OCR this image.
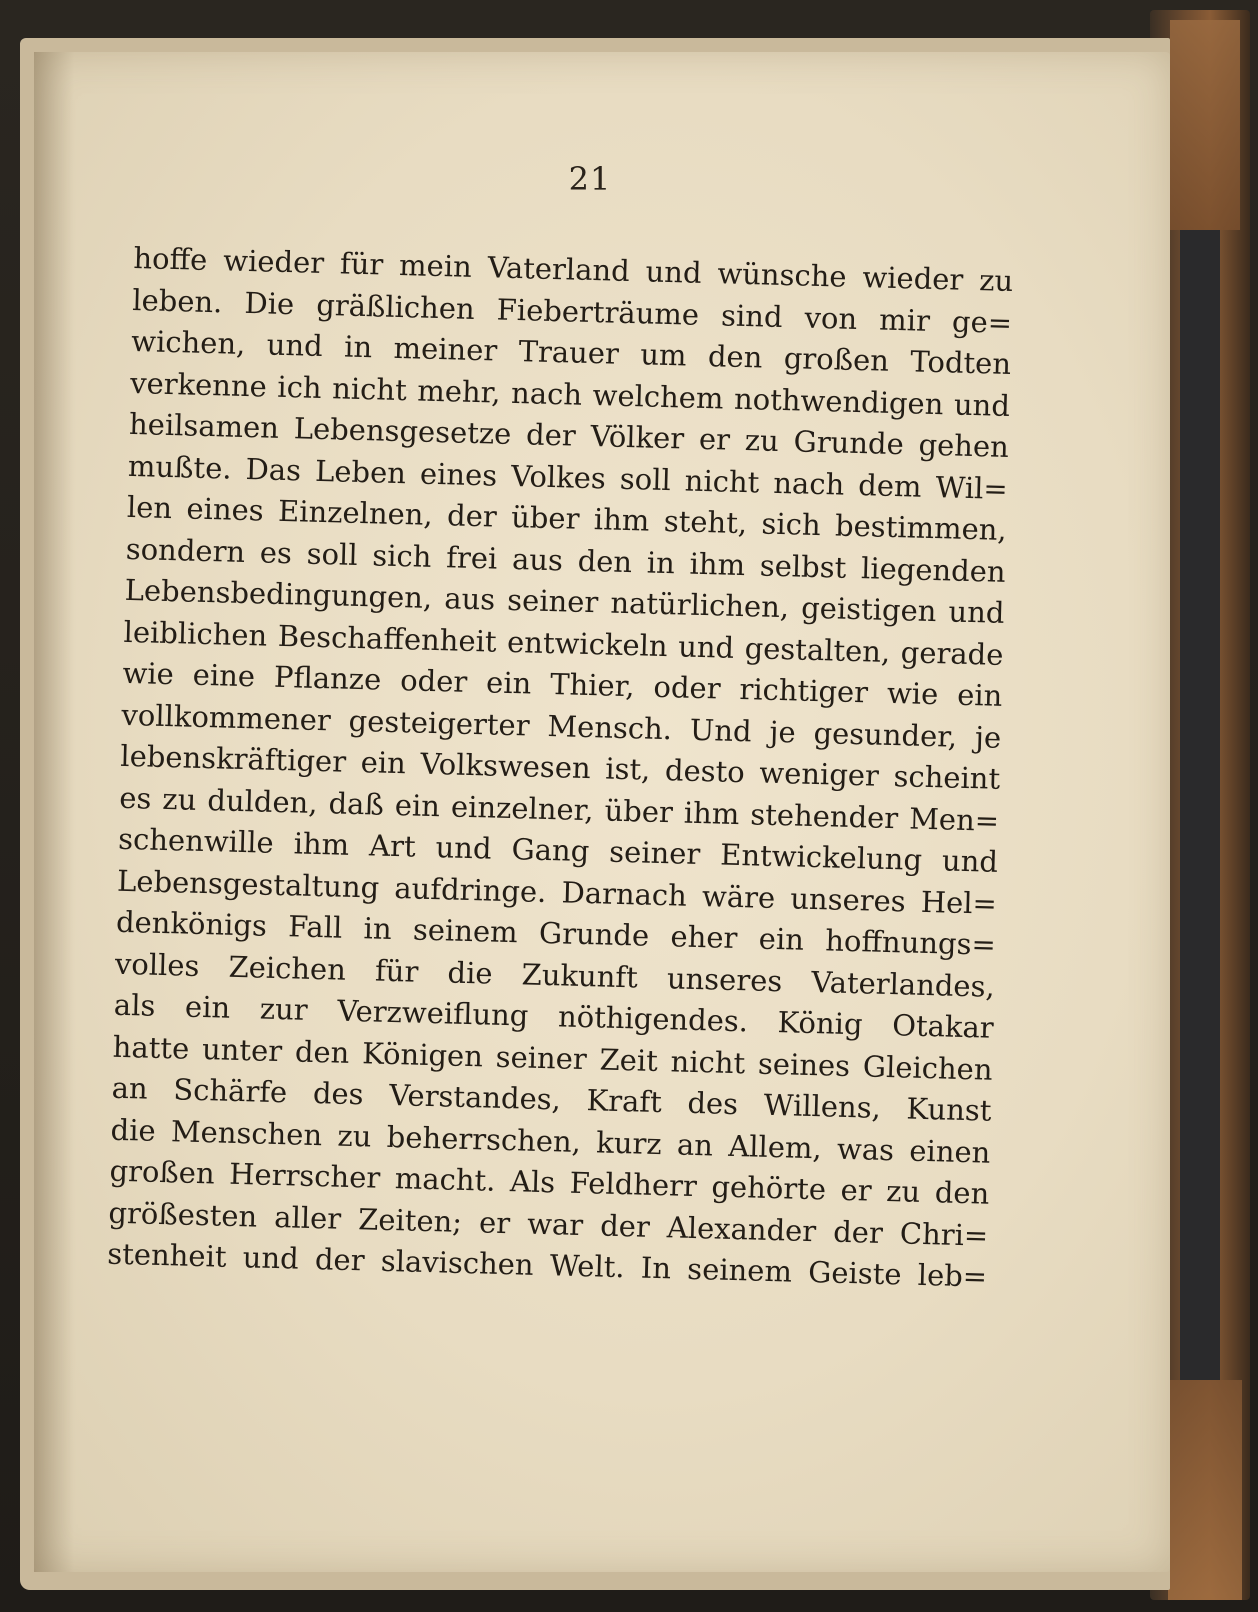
21
hoffe wieder für mein Vaterland und wünsche wieder zu
leben. Die gräßlichen Fieberträume sind von mir ge=
wichen, und in meiner Trauer um den großen Todten
verkenne ich nicht mehr, nach welchem nothwendigen und
heilsamen Lebensgesetze der Völker er zu Grunde gehen
mußte. Das Leben eines Volkes soll nicht nach dem Wil=
len eines Einzelnen, der über ihm steht, sich bestimmen,
sondern es soll sich frei aus den in ihm selbst liegenden
Lebensbedingungen, aus seiner natürlichen, geistigen und
leiblichen Beschaffenheit entwickeln und gestalten, gerade
wie eine Pflanze oder ein Thier, oder richtiger wie ein
vollkommener gesteigerter Mensch. Und je gesunder, je
lebenskräftiger ein Volkswesen ist, desto weniger scheint
es zu dulden, daß ein einzelner, über ihm stehender Men=
schenwille ihm Art und Gang seiner Entwickelung und
Lebensgestaltung aufdringe. Darnach wäre unseres Hel=
denkönigs Fall in seinem Grunde eher ein hoffnungs=
volles Zeichen für die Zukunft unseres Vaterlandes,
als ein zur Verzweiflung nöthigendes. König Otakar
hatte unter den Königen seiner Zeit nicht seines Gleichen
an Schärfe des Verstandes, Kraft des Willens, Kunst
die Menschen zu beherrschen, kurz an Allem, was einen
großen Herrscher macht. Als Feldherr gehörte er zu den
größesten aller Zeiten; er war der Alexander der Chri=
stenheit und der slavischen Welt. In seinem Geiste leb=
